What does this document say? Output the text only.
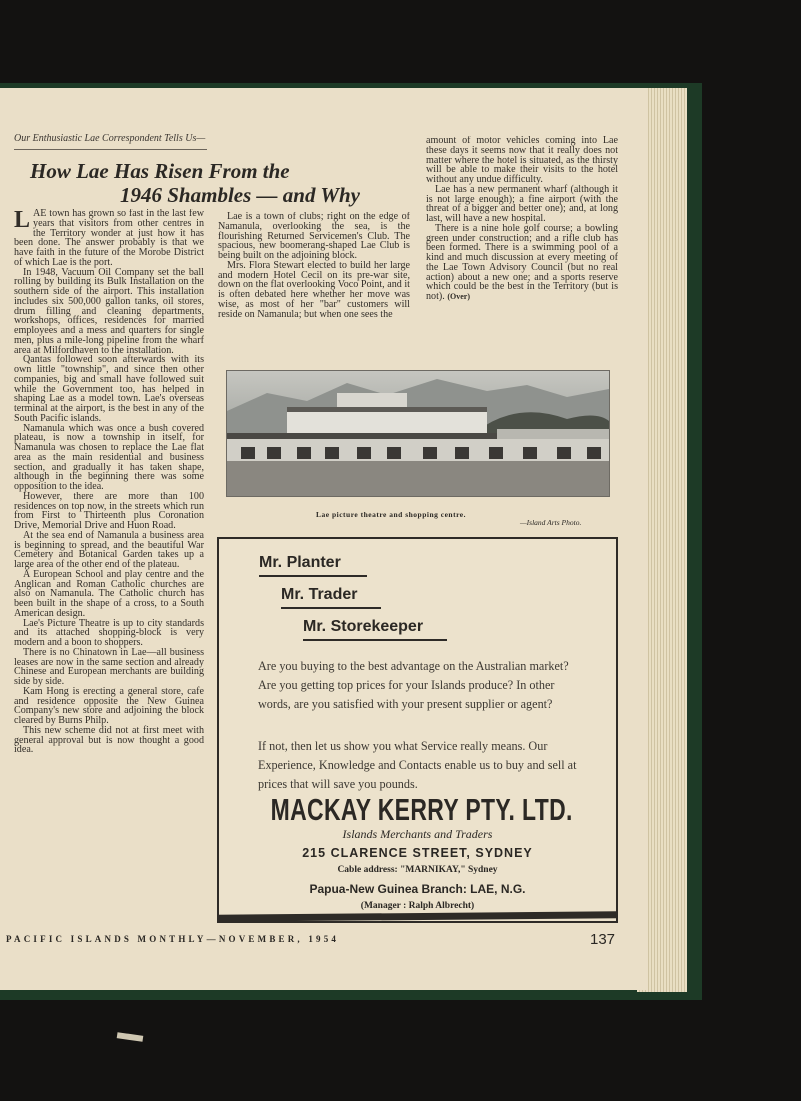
Our Enthusiastic Lae Correspondent Tells Us—
How Lae Has Risen From the
1946 Shambles — and Why

LAE town has grown so fast in the last few years that visitors from other centres in the Territory wonder at just how it has been done. The answer probably is that we have faith in the future of the Morobe District of which Lae is the port.

In 1948, Vacuum Oil Company set the ball rolling by building its Bulk Installation on the southern side of the airport. This installation includes six 500,000 gallon tanks, oil stores, drum filling and cleaning departments, workshops, offices, residences for married employees and a mess and quarters for single men, plus a mile-long pipeline from the wharf area at Milfordhaven to the installation.

Qantas followed soon afterwards with its own little "township", and since then other companies, big and small have followed suit while the Government too, has helped in shaping Lae as a model town. Lae's overseas terminal at the airport, is the best in any of the South Pacific islands.

Namanula which was once a bush covered plateau, is now a township in itself, for Namanula was chosen to replace the Lae flat area as the main residential and business section, and gradually it has taken shape, although in the beginning there was some opposition to the idea.

However, there are more than 100 residences on top now, in the streets which run from First to Thirteenth plus Coronation Drive, Memorial Drive and Huon Road.

At the sea end of Namanula a business area is beginning to spread, and the beautiful War Cemetery and Botanical Garden takes up a large area of the other end of the plateau.

A European School and play centre and the Anglican and Roman Catholic churches are also on Namanula. The Catholic church has been built in the shape of a cross, to a South American design.

Lae's Picture Theatre is up to city standards and its attached shopping-block is very modern and a boon to shoppers.

There is no Chinatown in Lae—all business leases are now in the same section and already Chinese and European merchants are building side by side.

Kam Hong is erecting a general store, cafe and residence opposite the New Guinea Company's new store and adjoining the block cleared by Burns Philp.

This new scheme did not at first meet with general approval but is now thought a good idea.

Lae is a town of clubs; right on the edge of Namanula, overlooking the sea, is the flourishing Returned Servicemen's Club. The spacious, new boomerang-shaped Lae Club is being built on the adjoining block.

Mrs. Flora Stewart elected to build her large and modern Hotel Cecil on its pre-war site, down on the flat overlooking Voco Point, and it is often debated here whether her move was wise, as most of her "bar" customers will reside on Namanula; but when one sees the

amount of motor vehicles coming into Lae these days it seems now that it really does not matter where the hotel is situated, as the thirsty will be able to make their visits to the hotel without any undue difficulty.

Lae has a new permanent wharf (although it is not large enough); a fine airport (with the threat of a bigger and better one); and, at long last, will have a new hospital.

There is a nine hole golf course; a bowling green under construction; and a rifle club has been formed. There is a swimming pool of a kind and much discussion at every meeting of the Lae Town Advisory Council (but no real action) about a new one; and a sports reserve which could be the best in the Territory (but is not). (Over)

Lae picture theatre and shopping centre.
—Island Arts Photo.
Mr. Planter
Mr. Trader
Mr. Storekeeper

Are you buying to the best advantage on the Australian market? Are you getting top prices for your Islands produce? In other words, are you satisfied with your present supplier or agent?

If not, then let us show you what Service really means. Our Experience, Knowledge and Contacts enable us to buy and sell at prices that will save you pounds.

MACKAY KERRY PTY. LTD.
Islands Merchants and Traders
215 CLARENCE STREET, SYDNEY
Cable address: "MARNIKAY," Sydney
Papua-New Guinea Branch: LAE, N.G.
(Manager : Ralph Albrecht)
PACIFIC ISLANDS MONTHLY—NOVEMBER, 1954	137
